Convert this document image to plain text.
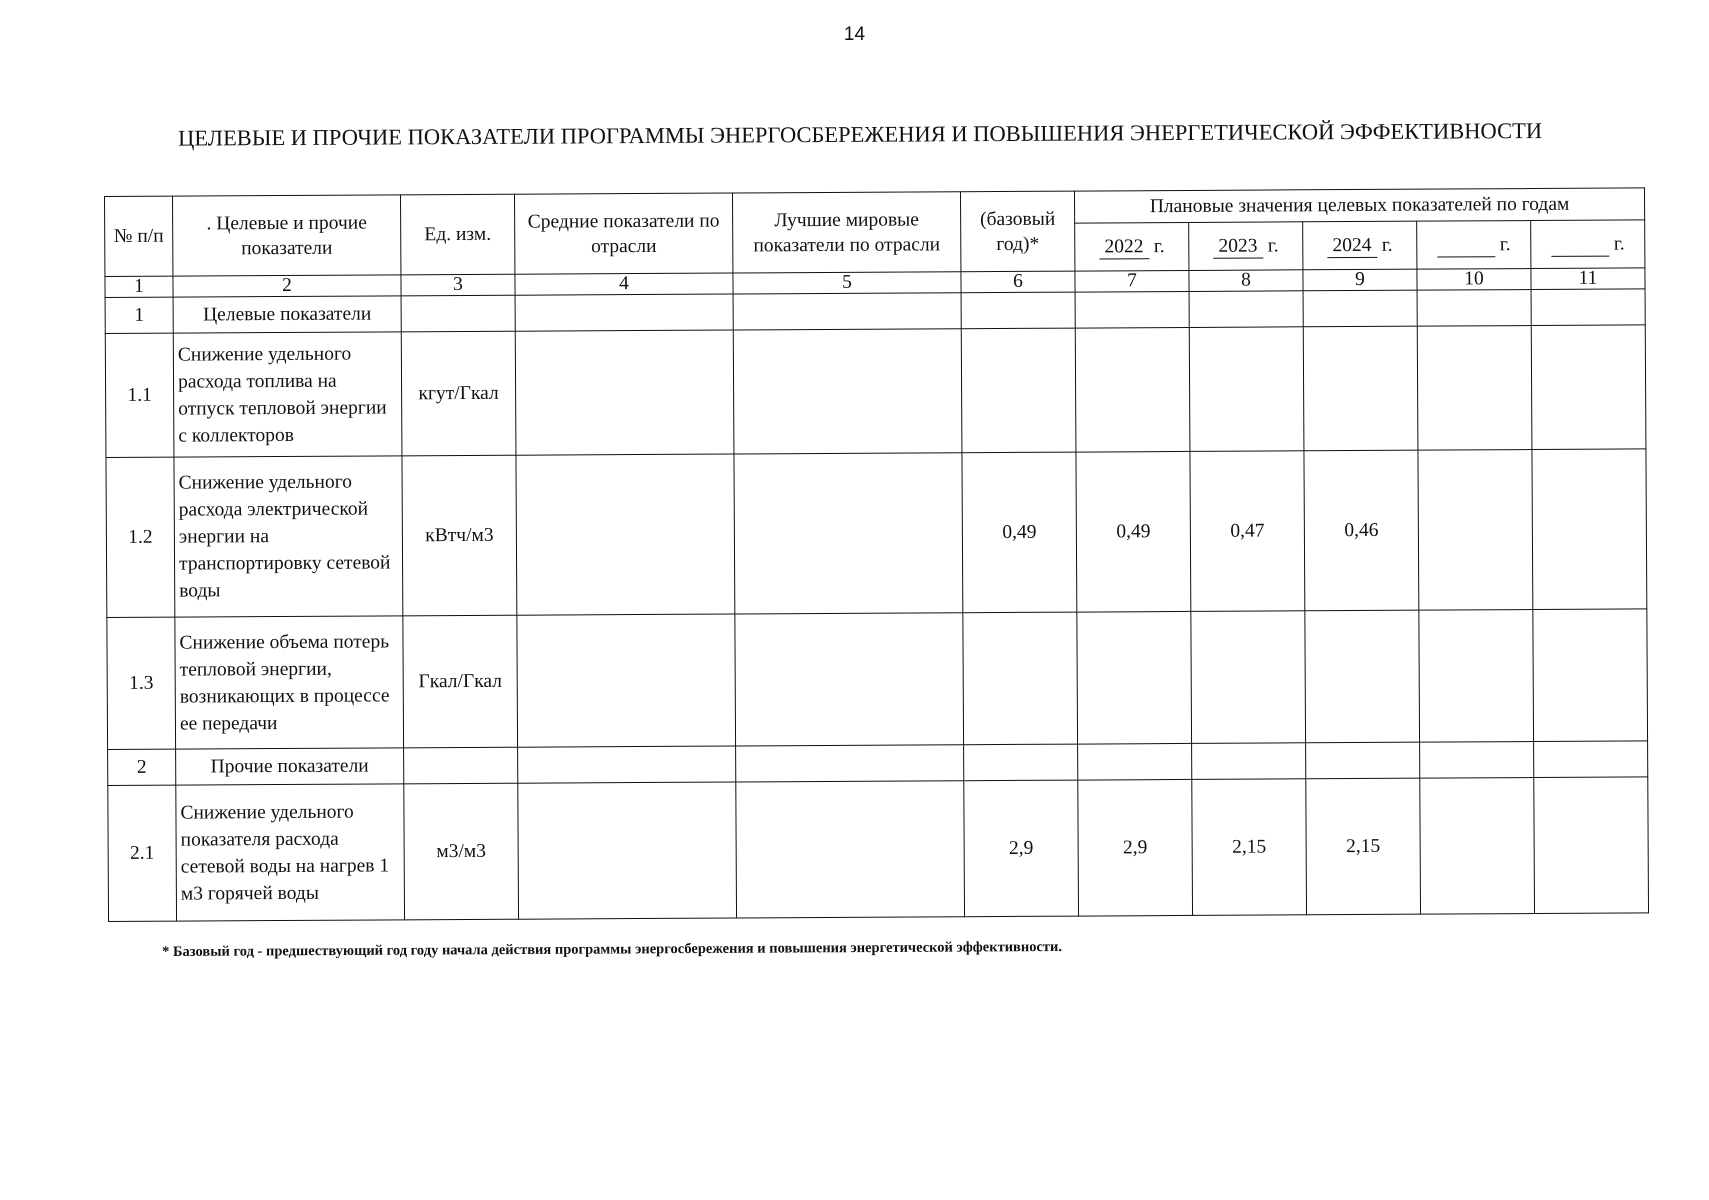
14
ЦЕЛЕВЫЕ И ПРОЧИЕ ПОКАЗАТЕЛИ ПРОГРАММЫ ЭНЕРГОСБЕРЕЖЕНИЯ И ПОВЫШЕНИЯ ЭНЕРГЕТИЧЕСКОЙ ЭФФЕКТИВНОСТИ
№ п/п	. Целевые и прочие показатели	Ед. изм.	Средние показатели по отрасли	Лучшие мировые показатели по отрасли	(базовый год)*	Плановые значения целевых показателей по годам				
						2022 г.	2023 г.	2024 г.	г.	г.
1	2	3	4	5	6	7	8	9	10	11
1	Целевые показатели									
1.1	Снижение удельного расхода топлива на отпуск тепловой энергии с коллекторов	кгут/Гкал								
1.2	Снижение удельного расхода электрической энергии на транспортировку сетевой воды	кВтч/м3			0,49	0,49	0,47	0,46		
1.3	Снижение объема потерь тепловой энергии, возникающих в процессе ее передачи	Гкал/Гкал								
2	Прочие показатели									
2.1	Снижение удельного показателя расхода сетевой воды на нагрев 1 м3 горячей воды	м3/м3			2,9	2,9	2,15	2,15		
* Базовый год - предшествующий год году начала действия программы энергосбережения и повышения энергетической эффективности.
